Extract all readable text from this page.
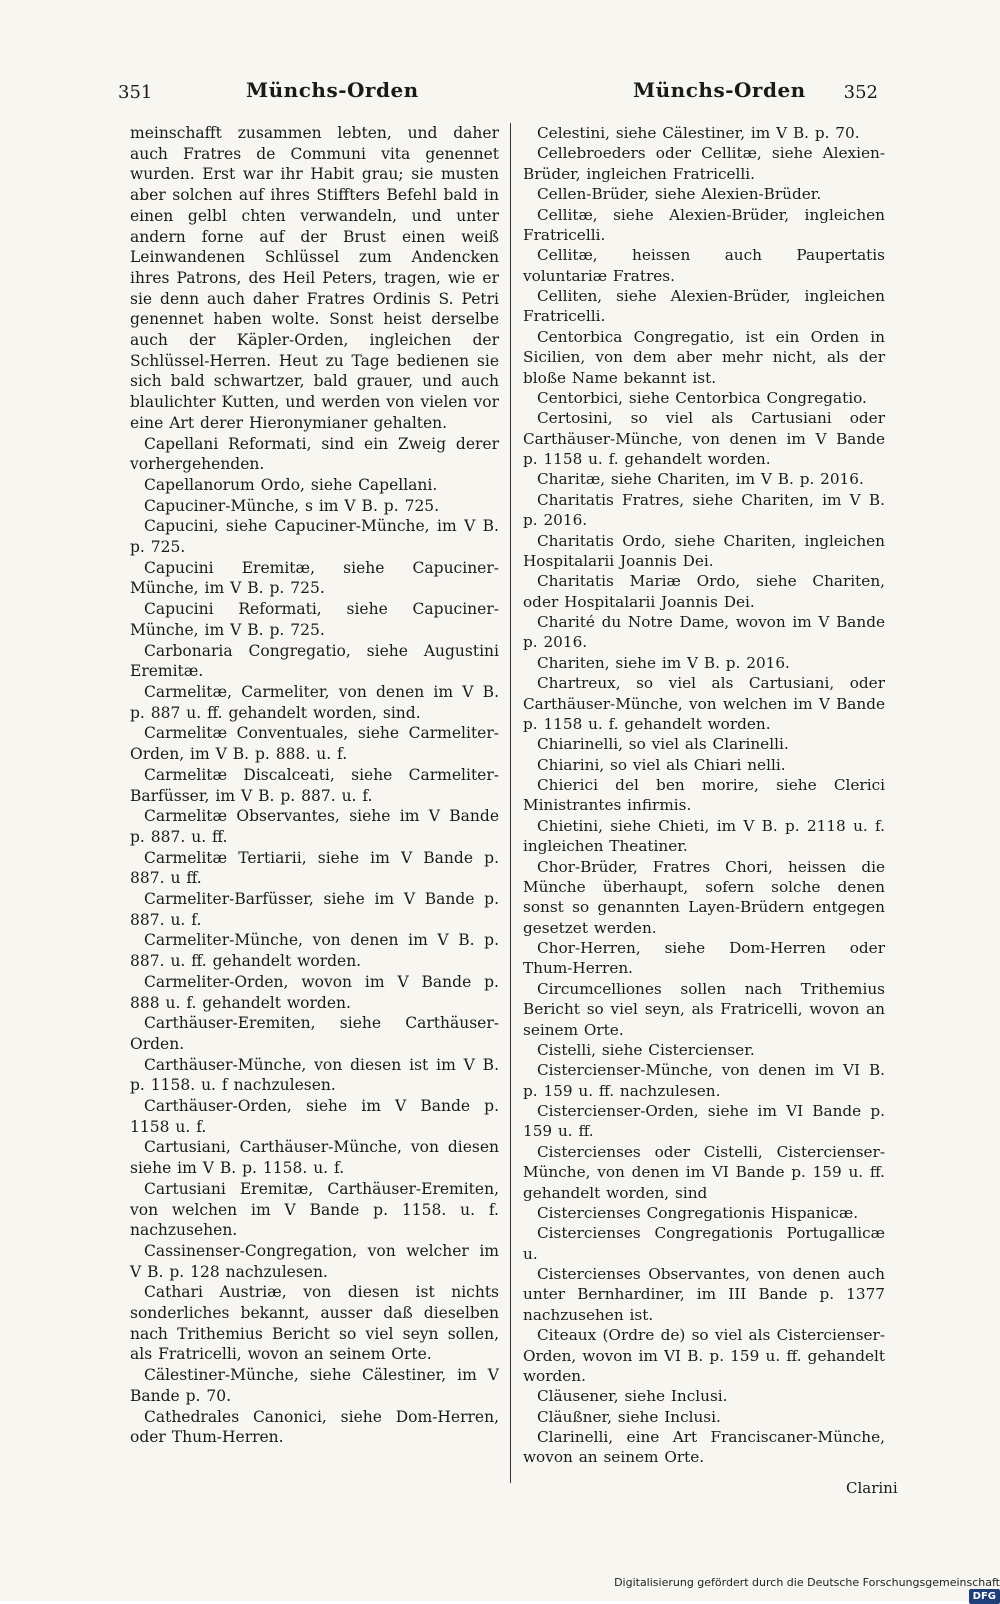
351	Münchs-Orden	Münchs-Orden 352

meinschafft zusammen lebten, und daher auch Fratres de Communi vita genennet wurden. Erst war ihr Habit grau; sie musten aber solchen auf ihres Stiffters Befehl bald in einen gelbl chten verwandeln, und unter andern forne auf der Brust einen weiß Leinwandenen Schlüssel zum Andencken ihres Patrons, des Heil Peters, tragen, wie er sie denn auch daher Fratres Ordinis S. Petri genennet haben wolte. Sonst heist derselbe auch der Käpler-Orden, ingleichen der Schlüssel-Herren. Heut zu Tage bedienen sie sich bald schwartzer, bald grauer, und auch blaulichter Kutten, und werden von vielen vor eine Art derer Hieronymianer gehalten.

Capellani Reformati, sind ein Zweig derer vorhergehenden.

Capellanorum Ordo, siehe Capellani.

Capuciner-Münche, s im V B. p. 725.

Capucini, siehe Capuciner-Münche, im V B. p. 725.

Capucini Eremitæ, siehe Capuciner-Münche, im V B. p. 725.

Capucini Reformati, siehe Capuciner-Münche, im V B. p. 725.

Carbonaria Congregatio, siehe Augustini Eremitæ.

Carmelitæ, Carmeliter, von denen im V B. p. 887 u. ff. gehandelt worden, sind.

Carmelitæ Conventuales, siehe Carmeliter-Orden, im V B. p. 888. u. f.

Carmelitæ Discalceati, siehe Carmeliter-Barfüsser, im V B. p. 887. u. f.

Carmelitæ Observantes, siehe im V Bande p. 887. u. ff.

Carmelitæ Tertiarii, siehe im V Bande p. 887. u ff.

Carmeliter-Barfüsser, siehe im V Bande p. 887. u. f.

Carmeliter-Münche, von denen im V B. p. 887. u. ff. gehandelt worden.

Carmeliter-Orden, wovon im V Bande p. 888 u. f. gehandelt worden.

Carthäuser-Eremiten, siehe Carthäuser-Orden.

Carthäuser-Münche, von diesen ist im V B. p. 1158. u. f nachzulesen.

Carthäuser-Orden, siehe im V Bande p. 1158 u. f.

Cartusiani, Carthäuser-Münche, von diesen siehe im V B. p. 1158. u. f.

Cartusiani Eremitæ, Carthäuser-Eremiten, von welchen im V Bande p. 1158. u. f. nachzusehen.

Cassinenser-Congregation, von welcher im V B. p. 128 nachzulesen.

Cathari Austriæ, von diesen ist nichts sonderliches bekannt, ausser daß dieselben nach Trithemius Bericht so viel seyn sollen, als Fratricelli, wovon an seinem Orte.

Cälestiner-Münche, siehe Cälestiner, im V Bande p. 70.

Cathedrales Canonici, siehe Dom-Herren, oder Thum-Herren.

Celestini, siehe Cälestiner, im V B. p. 70.

Cellebroeders oder Cellitæ, siehe Alexien-Brüder, ingleichen Fratricelli.

Cellen-Brüder, siehe Alexien-Brüder.

Cellitæ, siehe Alexien-Brüder, ingleichen Fratricelli.

Cellitæ, heissen auch Paupertatis voluntariæ Fratres.

Celliten, siehe Alexien-Brüder, ingleichen Fratricelli.

Centorbica Congregatio, ist ein Orden in Sicilien, von dem aber mehr nicht, als der bloße Name bekannt ist.

Centorbici, siehe Centorbica Congregatio.

Certosini, so viel als Cartusiani oder Carthäuser-Münche, von denen im V Bande p. 1158 u. f. gehandelt worden.

Charitæ, siehe Chariten, im V B. p. 2016.

Charitatis Fratres, siehe Chariten, im V B. p. 2016.

Charitatis Ordo, siehe Chariten, ingleichen Hospitalarii Joannis Dei.

Charitatis Mariæ Ordo, siehe Chariten, oder Hospitalarii Joannis Dei.

Charité du Notre Dame, wovon im V Bande p. 2016.

Chariten, siehe im V B. p. 2016.

Chartreux, so viel als Cartusiani, oder Carthäuser-Münche, von welchen im V Bande p. 1158 u. f. gehandelt worden.

Chiarinelli, so viel als Clarinelli.

Chiarini, so viel als Chiari nelli.

Chierici del ben morire, siehe Clerici Ministrantes infirmis.

Chietini, siehe Chieti, im V B. p. 2118 u. f. ingleichen Theatiner.

Chor-Brüder, Fratres Chori, heissen die Münche überhaupt, sofern solche denen sonst so genannten Layen-Brüdern entgegen gesetzet werden.

Chor-Herren, siehe Dom-Herren oder Thum-Herren.

Circumcelliones sollen nach Trithemius Bericht so viel seyn, als Fratricelli, wovon an seinem Orte.

Cistelli, siehe Cistercienser.

Cistercienser-Münche, von denen im VI B. p. 159 u. ff. nachzulesen.

Cistercienser-Orden, siehe im VI Bande p. 159 u. ff.

Cistercienses oder Cistelli, Cistercienser-Münche, von denen im VI Bande p. 159 u. ff. gehandelt worden, sind

Cistercienses Congregationis Hispanicæ.

Cistercienses Congregationis Portugallicæ u.

Cistercienses Observantes, von denen auch unter Bernhardiner, im III Bande p. 1377 nachzusehen ist.

Citeaux (Ordre de) so viel als Cistercienser-Orden, wovon im VI B. p. 159 u. ff. gehandelt worden.

Cläusener, siehe Inclusi.

Cläußner, siehe Inclusi.

Clarinelli, eine Art Franciscaner-Münche, wovon an seinem Orte.

Clarini
Digitalisierung gefördert durch die Deutsche Forschungsgemeinschaft DFG
